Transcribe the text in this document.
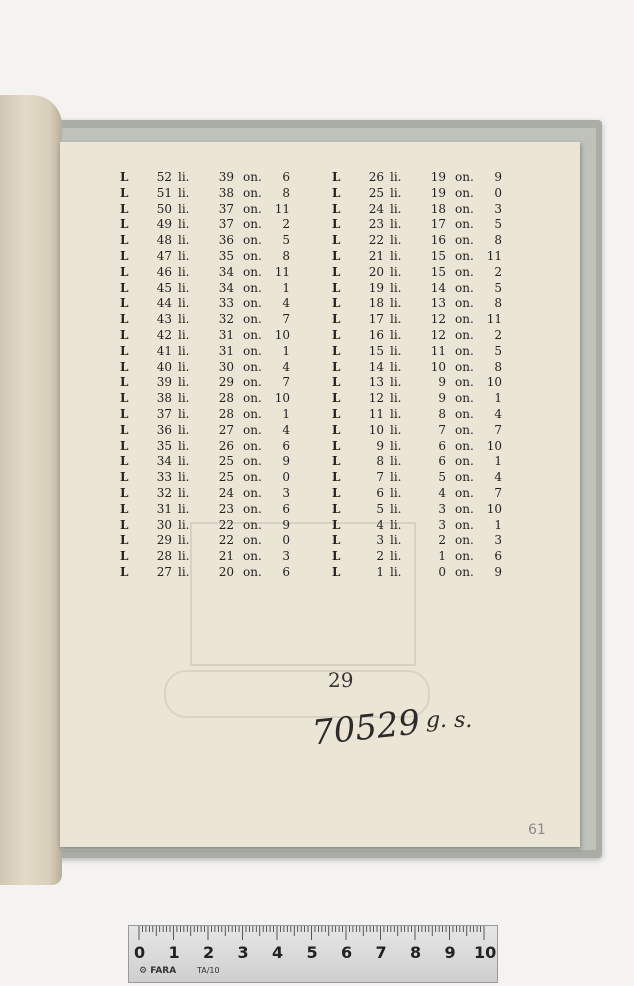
L	52 li.	39 on.	6
L	51 li.	38 on.	8
L	50 li.	37 on.	11
L	49 li.	37 on.	2
L	48 li.	36 on.	5
L	47 li.	35 on.	8
L	46 li.	34 on.	11
L	45 li.	34 on.	1
L	44 li.	33 on.	4
L	43 li.	32 on.	7
L	42 li.	31 on.	10
L	41 li.	31 on.	1
L	40 li.	30 on.	4
L	39 li.	29 on.	7
L	38 li.	28 on.	10
L	37 li.	28 on.	1
L	36 li.	27 on.	4
L	35 li.	26 on.	6
L	34 li.	25 on.	9
L	33 li.	25 on.	0
L	32 li.	24 on.	3
L	31 li.	23 on.	6
L	30 li.	22 on.	9
L	29 li.	22 on.	0
L	28 li.	21 on.	3
L	27 li.	20 on.	6
L	26 li.	19 on.	9
L	25 li.	19 on.	0
L	24 li.	18 on.	3
L	23 li.	17 on.	5
L	22 li.	16 on.	8
L	21 li.	15 on.	11
L	20 li.	15 on.	2
L	19 li.	14 on.	5
L	18 li.	13 on.	8
L	17 li.	12 on.	11
L	16 li.	12 on.	2
L	15 li.	11 on.	5
L	14 li.	10 on.	8
L	13 li.	9 on.	10
L	12 li.	9 on.	1
L	11 li.	8 on.	4
L	10 li.	7 on.	7
L	9 li.	6 on.	10
L	8 li.	6 on.	1
L	7 li.	5 on.	4
L	6 li.	4 on.	7
L	5 li.	3 on.	10
L	4 li.	3 on.	1
L	3 li.	2 on.	3
L	2 li.	1 on.	6
L	1 li.	0 on.	9
29
70529 g. s.
61
0 1 2 3 4 5 6 7 8 9 10
⚙ FARA	TA/10
